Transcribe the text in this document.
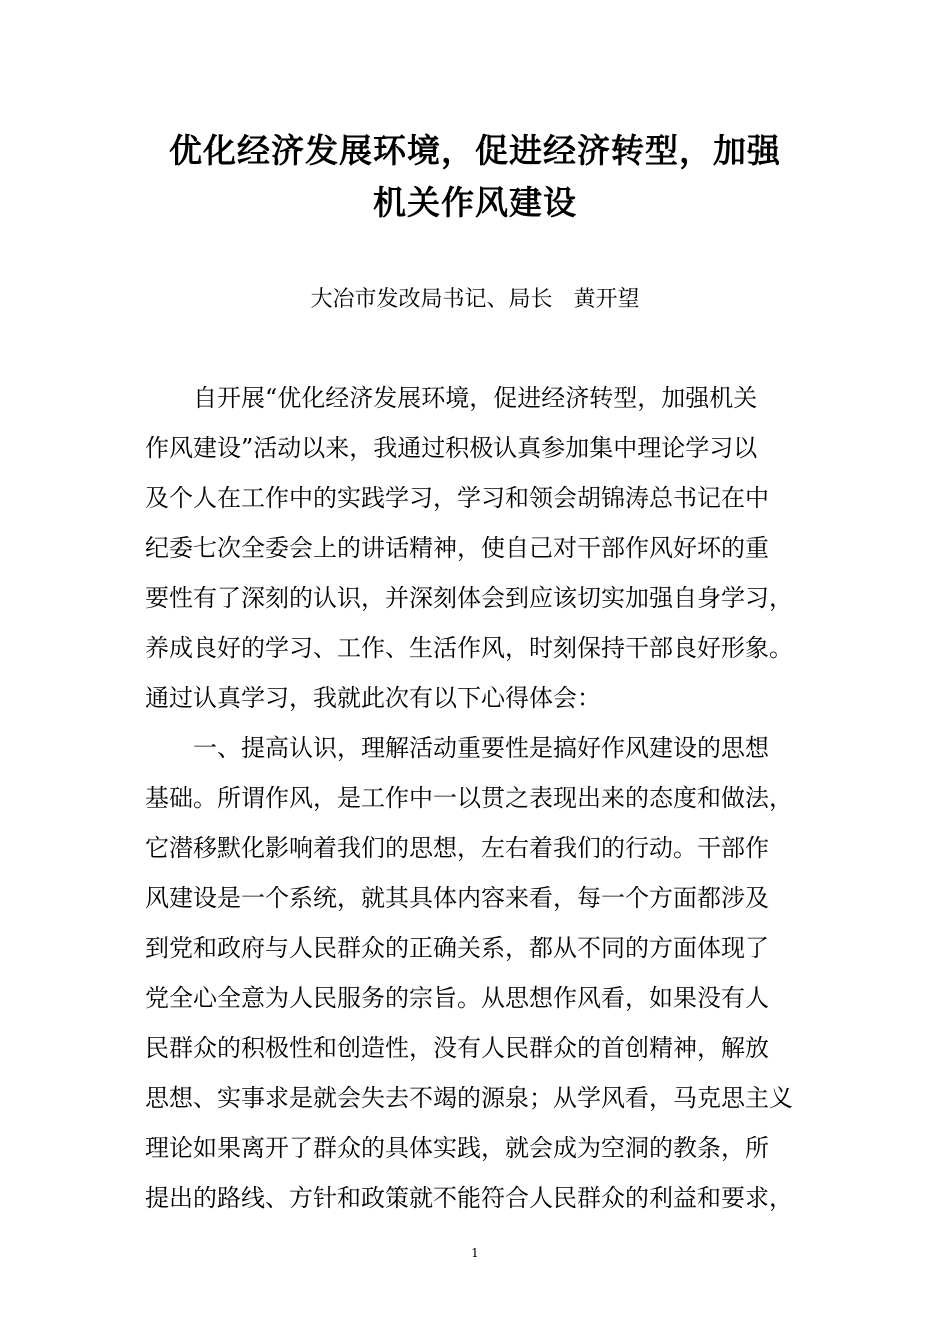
优化经济发展环境，促进经济转型，加强
机关作风建设
大冶市发改局书记、局长   黄开望
自开展“优化经济发展环境，促进经济转型，加强机关
作风建设”活动以来，我通过积极认真参加集中理论学习以
及个人在工作中的实践学习，学习和领会胡锦涛总书记在中
纪委七次全委会上的讲话精神，使自己对干部作风好坏的重
要性有了深刻的认识，并深刻体会到应该切实加强自身学习，
养成良好的学习、工作、生活作风，时刻保持干部良好形象。
通过认真学习，我就此次有以下心得体会：
一、提高认识，理解活动重要性是搞好作风建设的思想
基础。所谓作风，是工作中一以贯之表现出来的态度和做法，
它潜移默化影响着我们的思想，左右着我们的行动。干部作
风建设是一个系统，就其具体内容来看，每一个方面都涉及
到党和政府与人民群众的正确关系，都从不同的方面体现了
党全心全意为人民服务的宗旨。从思想作风看，如果没有人
民群众的积极性和创造性，没有人民群众的首创精神，解放
思想、实事求是就会失去不竭的源泉；从学风看，马克思主义
理论如果离开了群众的具体实践，就会成为空洞的教条，所
提出的路线、方针和政策就不能符合人民群众的利益和要求，
1
